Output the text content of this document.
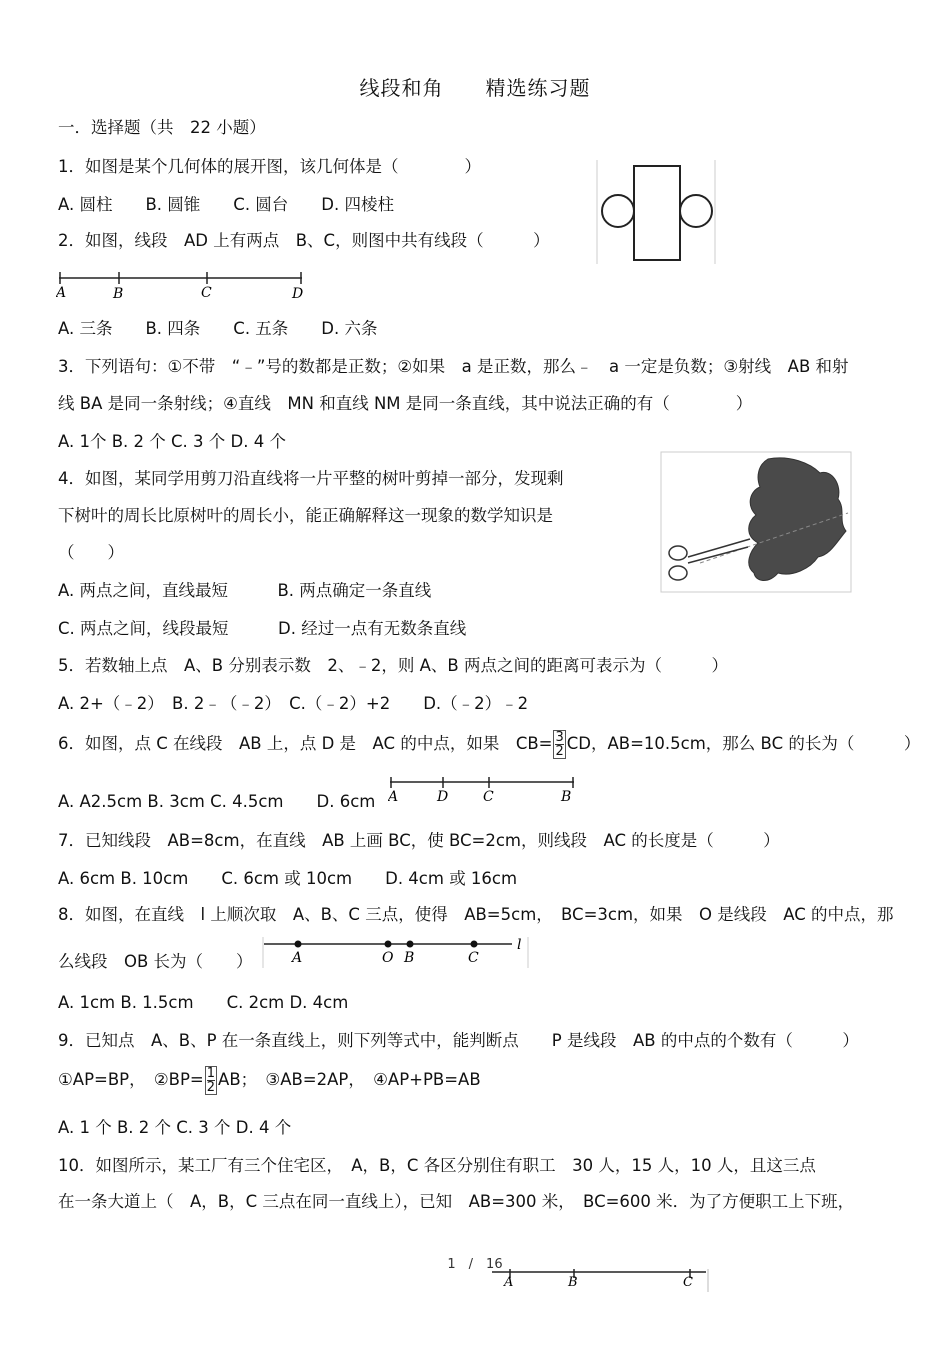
线段和角　　精选练习题
一．选择题（共　22 小题）
1．如图是某个几何体的展开图，该几何体是（　　　　）
A. 圆柱　　B. 圆锥　　C. 圆台　　D. 四棱柱
2．如图，线段　AD 上有两点　B、C，则图中共有线段（　　　）
A. 三条　　B. 四条　　C. 五条　　D. 六条
3．下列语句：①不带　“﹣”号的数都是正数；②如果　a 是正数，那么﹣　a 一定是负数；③射线　AB 和射
线 BA 是同一条射线；④直线　MN 和直线 NM 是同一条直线，其中说法正确的有（　　　　）
A. 1个 B. 2 个 C. 3 个 D. 4 个
4．如图，某同学用剪刀沿直线将一片平整的树叶剪掉一部分，发现剩
下树叶的周长比原树叶的周长小，能正确解释这一现象的数学知识是
（　　）
A. 两点之间，直线最短　　　B. 两点确定一条直线
C. 两点之间，线段最短　　　D. 经过一点有无数条直线
5．若数轴上点　A、B 分别表示数　2、﹣2，则 A、B 两点之间的距离可表示为（　　　）
A. 2+（﹣2）　B. 2﹣（﹣2）　C.（﹣2）+2　　D.（﹣2）﹣2
6．如图，点 C 在线段　AB 上，点 D 是　AC 的中点，如果　$CB= \frac{3}{2}$ CD，AB=10.5cm，那么 BC 的长为（　　　）
A. A2.5cm B. 3cm C. 4.5cm　　D. 6cm
7．已知线段　AB=8cm，在直线　AB 上画 BC，使 BC=2cm，则线段　AC 的长度是（　　　）
A. 6cm B. 10cm　　C. 6cm 或 10cm　　D. 4cm 或 16cm
8．如图，在直线　l 上顺次取　A、B、C 三点，使得　AB=5cm，　BC=3cm，如果　O 是线段　AC 的中点，那
么线段　OB 长为（　　）
A. 1cm B. 1.5cm　　C. 2cm D. 4cm
9．已知点　A、B、P 在一条直线上，则下列等式中，能判断点　　P 是线段　AB 的中点的个数有（　　　）
①AP=BP，　②BP= $\frac{1}{2}$ AB；　③AB=2AP，　④AP+PB=AB
A. 1 个 B. 2 个 C. 3 个 D. 4 个
10．如图所示，某工厂有三个住宅区，　A，B，C 各区分别住有职工　30 人，15 人，10 人，且这三点
在一条大道上（　A，B，C 三点在同一直线上），已知　AB=300 米，　BC=600 米．为了方便职工上下班，
1　/　16
A	B	C	D
A	D C	B
A	O B	C
l
A	B	C
